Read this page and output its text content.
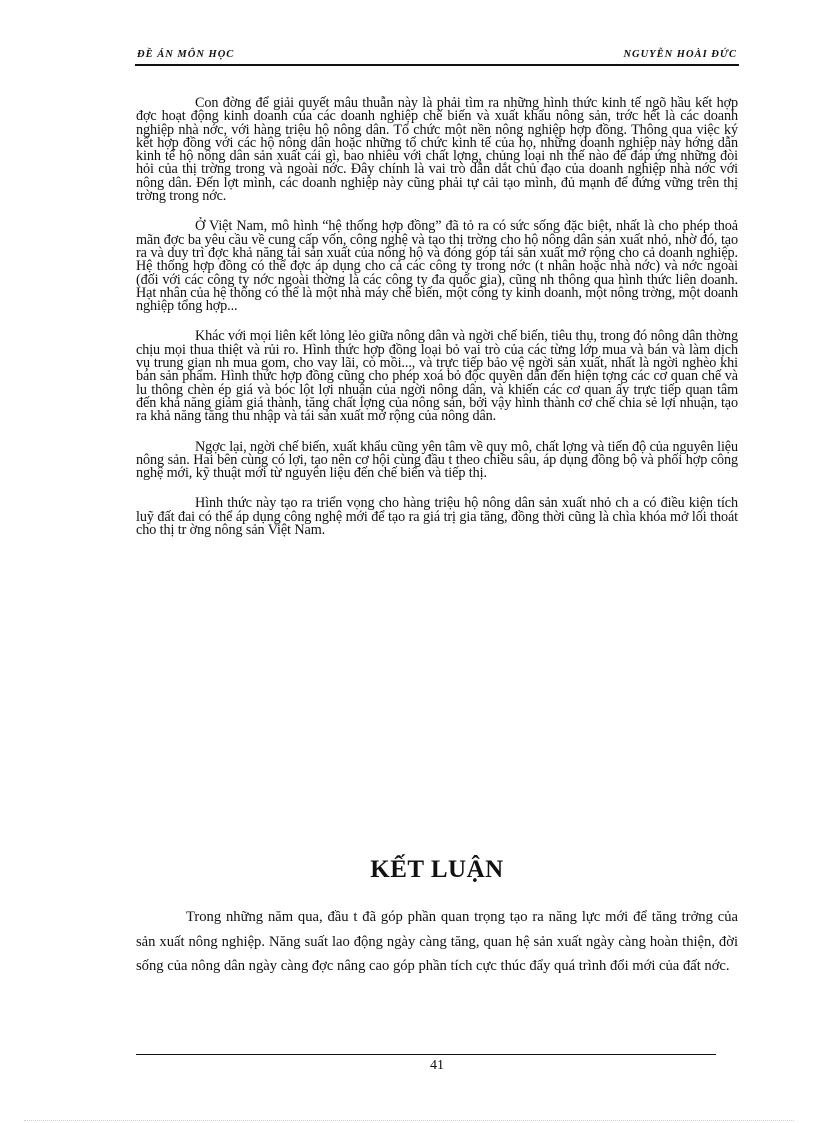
ĐỀ ÁN MÔN HỌC	NGUYỄN HOÀI ĐỨC

Con đờng để giải quyết mâu thuẫn này là phải tìm ra những hình thức kinh tế ngõ hầu kết hợp đợc hoạt động kinh doanh của các doanh nghiệp chế biến và xuất khẩu nông sản, trớc hết là các doanh nghiệp nhà nớc, với hàng triệu hộ nông dân. Tổ chức một nền nông nghiệp hợp đồng. Thông qua việc ký kết hợp đồng với các hộ nông dân hoặc những tổ chức kinh tế của họ, những doanh nghiệp này hớng dẫn kinh tế hộ nông dân sản xuất cái gì, bao nhiêu với chất lợng, chủng loại nh thế nào để đáp ứng những đòi hỏi của thị trờng trong và ngoài nớc. Đây chính là vai trò dẫn dắt chủ đạo của doanh nghiệp nhà nớc với nông dân. Đến lợt mình, các doanh nghiệp này cũng phải tự cải tạo mình, đủ mạnh để đứng vững trên thị trờng trong nớc.

Ở Việt Nam, mô hình “hệ thống hợp đồng” đã tỏ ra có sức sống đặc biệt, nhất là cho phép thoả mãn đợc ba yêu cầu về cung cấp vốn, công nghệ và tạo thị trờng cho hộ nông dân sản xuất nhỏ, nhờ đó, tạo ra và duy trì đợc khả năng tái sản xuất của nông hộ và đóng góp tái sản xuất mở rộng cho cả doanh nghiệp. Hệ thống hợp đồng có thể đợc áp dụng cho cả các công ty trong nớc (t nhân hoặc nhà nớc) và nớc ngoài (đối với các công ty nớc ngoài thờng là các công ty đa quốc gia), cũng nh thông qua hình thức liên doanh. Hạt nhân của hệ thống có thể là một nhà máy chế biến, một công ty kinh doanh, một nông trờng, một doanh nghiệp tổng hợp...

Khác với mọi liên kết lỏng lẻo giữa nông dân và ngời chế biến, tiêu thụ, trong đó nông dân thờng chịu mọi thua thiệt và rủi ro. Hình thức hợp đồng loại bỏ vai trò của các từng lớp mua và bán và làm dịch vụ trung gian nh mua gom, cho vay lãi, cò mồi..., và trực tiếp bảo vệ ngời sản xuất, nhất là ngời nghèo khi bán sản phẩm. Hình thức hợp đồng cũng cho phép xoá bỏ độc quyền dẫn đến hiện tợng các cơ quan chế và lu thông chèn ép giá và bóc lột lợi nhuận của ngời nông dân, và khiến các cơ quan ấy trực tiếp quan tâm đến khả năng giảm giá thành, tăng chất lợng của nông sản, bởi vậy hình thành cơ chế chia sẻ lợi nhuận, tạo ra khả năng tăng thu nhập và tái sản xuất mở rộng của nông dân.

Ngợc lại, ngời chế biến, xuất khẩu cũng yên tâm về quy mô, chất lợng và tiến độ của nguyên liệu nông sản. Hai bên cùng có lợi, tạo nên cơ hội cùng đầu t theo chiều sâu, áp dụng đồng bộ và phối hợp công nghệ mới, kỹ thuật mới từ nguyên liệu đến chế biến và tiếp thị.

Hình thức này tạo ra triển vọng cho hàng triệu hộ nông dân sản xuất nhỏ ch a có điều kiện tích luỹ đất đai có thể áp dụng công nghệ mới để tạo ra giá trị gia tăng, đồng thời cũng là chìa khóa mở lối thoát cho thị tr ờng nông sản Việt Nam.

KẾT LUẬN

Trong những năm qua, đầu t đã góp phần quan trọng tạo ra năng lực mới để tăng trởng của sản xuất nông nghiệp. Năng suất lao động ngày càng tăng, quan hệ sản xuất ngày càng hoàn thiện, đời sống của nông dân ngày càng đợc nâng cao góp phần tích cực thúc đẩy quá trình đổi mới của đất nớc.

41
